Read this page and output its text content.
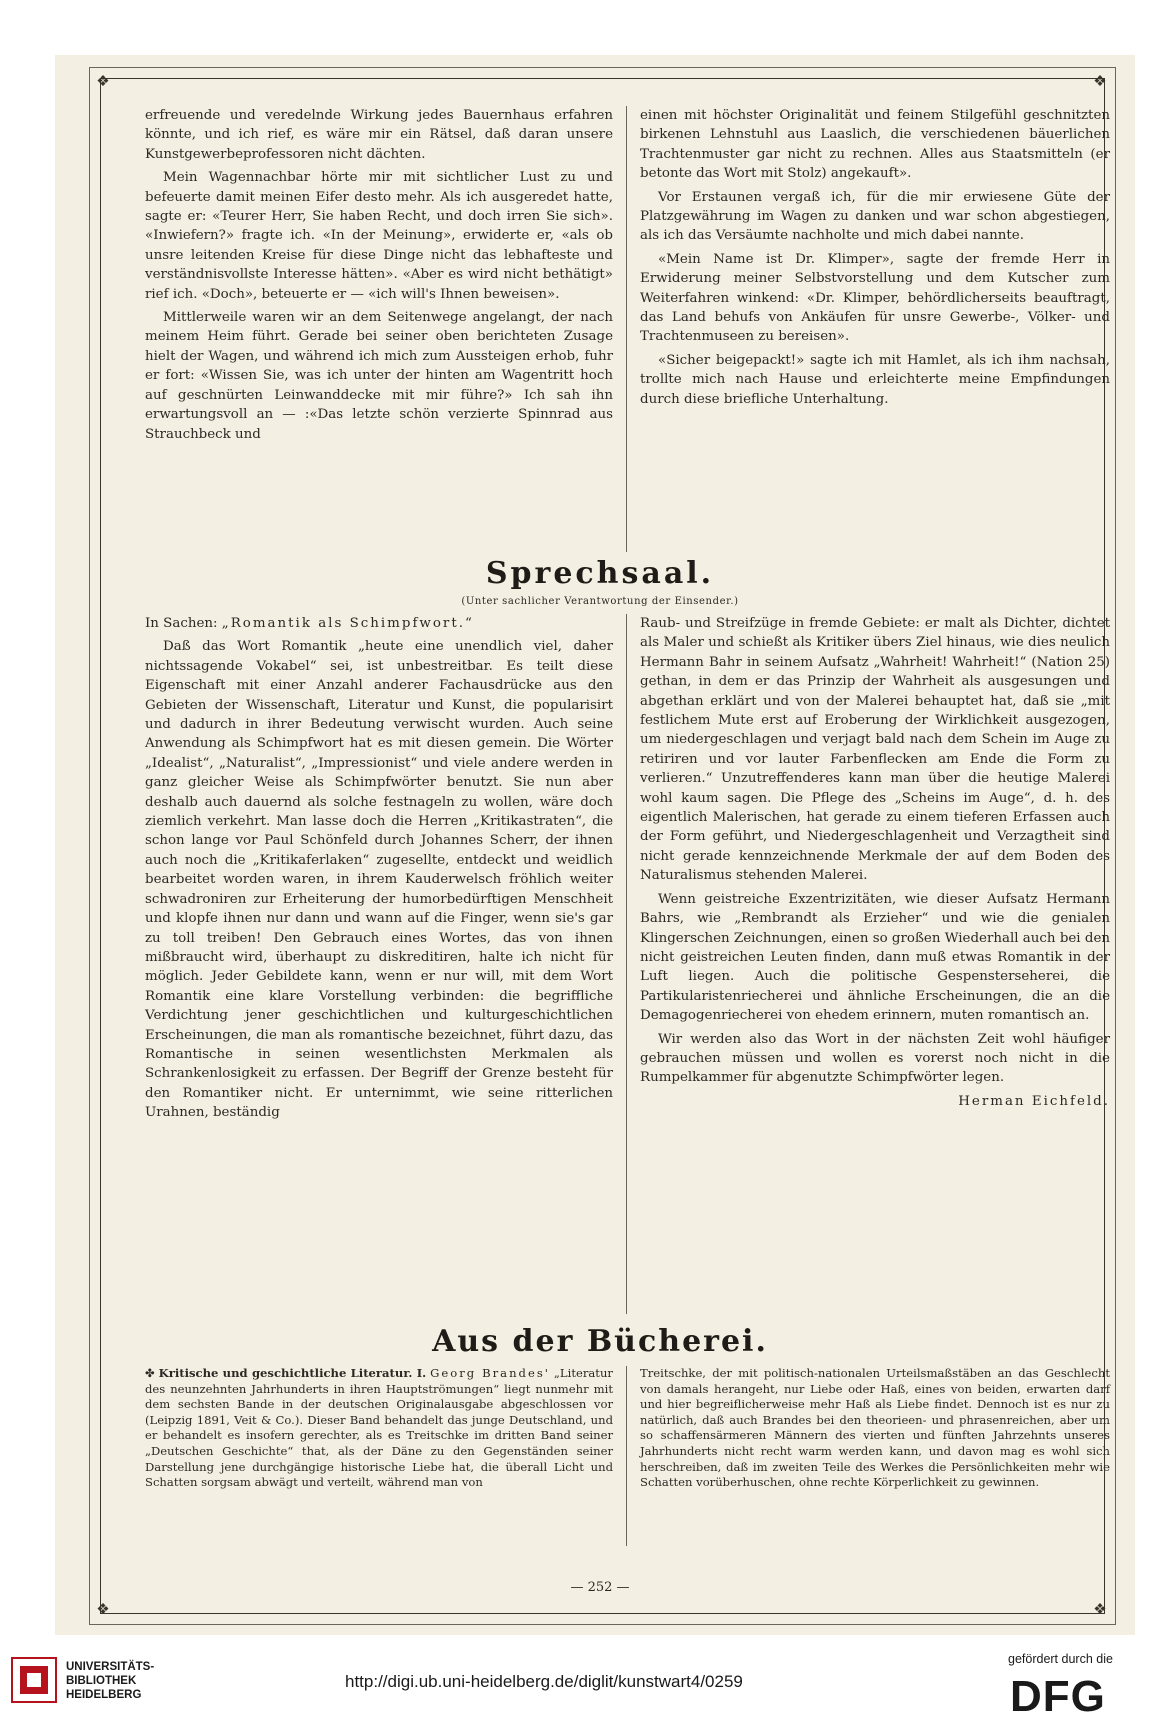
❖	❖
❖	❖

erfreuende und veredelnde Wirkung jedes Bauernhaus erfahren könnte, und ich rief, es wäre mir ein Rätsel, daß daran unsere Kunstgewerbeprofessoren nicht dächten.

Mein Wagennachbar hörte mir mit sichtlicher Lust zu und befeuerte damit meinen Eifer desto mehr. Als ich ausgeredet hatte, sagte er: «Teurer Herr, Sie haben Recht, und doch irren Sie sich». «Inwiefern?» fragte ich. «In der Meinung», erwiderte er, «als ob unsre leitenden Kreise für diese Dinge nicht das lebhafteste und verständnisvollste Interesse hätten». «Aber es wird nicht bethätigt» rief ich. «Doch», beteuerte er — «ich will's Ihnen beweisen».

Mittlerweile waren wir an dem Seitenwege angelangt, der nach meinem Heim führt. Gerade bei seiner oben berichteten Zusage hielt der Wagen, und während ich mich zum Aussteigen erhob, fuhr er fort: «Wissen Sie, was ich unter der hinten am Wagentritt hoch auf geschnürten Leinwanddecke mit mir führe?» Ich sah ihn erwartungsvoll an — :«Das letzte schön verzierte Spinnrad aus Strauchbeck und

einen mit höchster Originalität und feinem Stilgefühl geschnitzten birkenen Lehnstuhl aus Laaslich, die verschiedenen bäuerlichen Trachtenmuster gar nicht zu rechnen. Alles aus Staatsmitteln (er betonte das Wort mit Stolz) angekauft».

Vor Erstaunen vergaß ich, für die mir erwiesene Güte der Platzgewährung im Wagen zu danken und war schon abgestiegen, als ich das Versäumte nachholte und mich dabei nannte.

«Mein Name ist Dr. Klimper», sagte der fremde Herr in Erwiderung meiner Selbstvorstellung und dem Kutscher zum Weiterfahren winkend: «Dr. Klimper, behördlicherseits beauftragt, das Land behufs von Ankäufen für unsre Gewerbe-, Völker- und Trachtenmuseen zu bereisen».

«Sicher beigepackt!» sagte ich mit Hamlet, als ich ihm nachsah, trollte mich nach Hause und erleichterte meine Empfindungen durch diese briefliche Unterhaltung.

Sprechsaal.
(Unter sachlicher Verantwortung der Einsender.)

In Sachen: „Romantik als Schimpfwort.“

Daß das Wort Romantik „heute eine unendlich viel, daher nichtssagende Vokabel“ sei, ist unbestreitbar. Es teilt diese Eigenschaft mit einer Anzahl anderer Fachausdrücke aus den Gebieten der Wissenschaft, Literatur und Kunst, die popularisirt und dadurch in ihrer Bedeutung verwischt wurden. Auch seine Anwendung als Schimpfwort hat es mit diesen gemein. Die Wörter „Idealist“, „Naturalist“, „Impressionist“ und viele andere werden in ganz gleicher Weise als Schimpfwörter benutzt. Sie nun aber deshalb auch dauernd als solche festnageln zu wollen, wäre doch ziemlich verkehrt. Man lasse doch die Herren „Kritikastraten“, die schon lange vor Paul Schönfeld durch Johannes Scherr, der ihnen auch noch die „Kritikaferlaken“ zugesellte, entdeckt und weidlich bearbeitet worden waren, in ihrem Kauderwelsch fröhlich weiter schwadroniren zur Erheiterung der humorbedürftigen Menschheit und klopfe ihnen nur dann und wann auf die Finger, wenn sie's gar zu toll treiben! Den Gebrauch eines Wortes, das von ihnen mißbraucht wird, überhaupt zu diskreditiren, halte ich nicht für möglich. Jeder Gebildete kann, wenn er nur will, mit dem Wort Romantik eine klare Vorstellung verbinden: die begriffliche Verdichtung jener geschichtlichen und kulturgeschichtlichen Erscheinungen, die man als romantische bezeichnet, führt dazu, das Romantische in seinen wesentlichsten Merkmalen als Schrankenlosigkeit zu erfassen. Der Begriff der Grenze besteht für den Romantiker nicht. Er unternimmt, wie seine ritterlichen Urahnen, beständig

Raub- und Streifzüge in fremde Gebiete: er malt als Dichter, dichtet als Maler und schießt als Kritiker übers Ziel hinaus, wie dies neulich Hermann Bahr in seinem Aufsatz „Wahrheit! Wahrheit!“ (Nation 25) gethan, in dem er das Prinzip der Wahrheit als ausgesungen und abgethan erklärt und von der Malerei behauptet hat, daß sie „mit festlichem Mute erst auf Eroberung der Wirklichkeit ausgezogen, um niedergeschlagen und verjagt bald nach dem Schein im Auge zu retiriren und vor lauter Farbenflecken am Ende die Form zu verlieren.“ Unzutreffenderes kann man über die heutige Malerei wohl kaum sagen. Die Pflege des „Scheins im Auge“, d. h. des eigentlich Malerischen, hat gerade zu einem tieferen Erfassen auch der Form geführt, und Niedergeschlagenheit und Verzagtheit sind nicht gerade kennzeichnende Merkmale der auf dem Boden des Naturalismus stehenden Malerei.

Wenn geistreiche Exzentrizitäten, wie dieser Aufsatz Hermann Bahrs, wie „Rembrandt als Erzieher“ und wie die genialen Klingerschen Zeichnungen, einen so großen Wiederhall auch bei den nicht geistreichen Leuten finden, dann muß etwas Romantik in der Luft liegen. Auch die politische Gespensterseherei, die Partikularistenriecherei und ähnliche Erscheinungen, die an die Demagogenriecherei von ehedem erinnern, muten romantisch an.

Wir werden also das Wort in der nächsten Zeit wohl häufiger gebrauchen müssen und wollen es vorerst noch nicht in die Rumpelkammer für abgenutzte Schimpfwörter legen.

Herman Eichfeld.

Aus der Bücherei.

✤ Kritische und geschichtliche Literatur. I. Georg Brandes' „Literatur des neunzehnten Jahrhunderts in ihren Hauptströmungen“ liegt nunmehr mit dem sechsten Bande in der deutschen Originalausgabe abgeschlossen vor (Leipzig 1891, Veit & Co.). Dieser Band behandelt das junge Deutschland, und er behandelt es insofern gerechter, als es Treitschke im dritten Band seiner „Deutschen Geschichte“ that, als der Däne zu den Gegenständen seiner Darstellung jene durchgängige historische Liebe hat, die überall Licht und Schatten sorgsam abwägt und verteilt, während man von

Treitschke, der mit politisch-nationalen Urteilsmaßstäben an das Geschlecht von damals herangeht, nur Liebe oder Haß, eines von beiden, erwarten darf und hier begreiflicherweise mehr Haß als Liebe findet. Dennoch ist es nur zu natürlich, daß auch Brandes bei den theorieen- und phrasenreichen, aber um so schaffensärmeren Männern des vierten und fünften Jahrzehnts unseres Jahrhunderts nicht recht warm werden kann, und davon mag es wohl sich herschreiben, daß im zweiten Teile des Werkes die Persönlichkeiten mehr wie Schatten vorüberhuschen, ohne rechte Körperlichkeit zu gewinnen.

— 252 —
UNIVERSITÄTS-
BIBLIOTHEK
HEIDELBERG
http://digi.ub.uni-heidelberg.de/diglit/kunstwart4/0259
gefördert durch die
DFG
